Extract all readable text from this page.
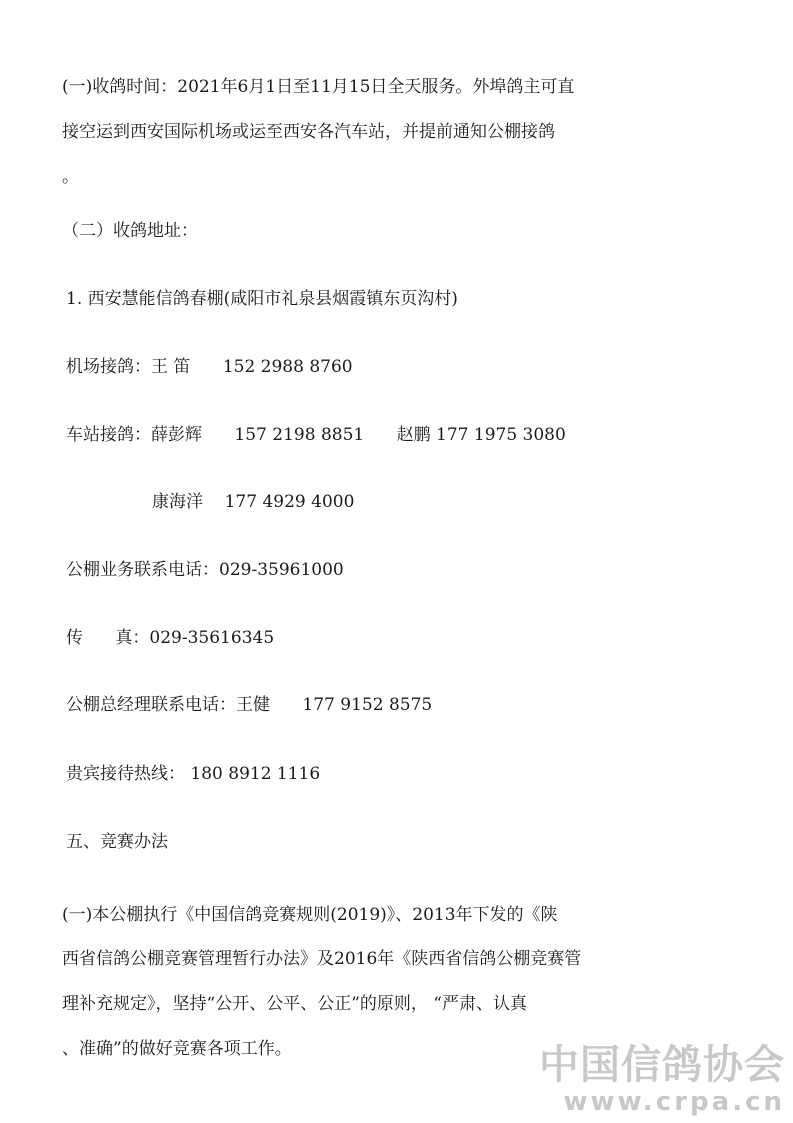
(一)收鸽时间：2021年6月1日至11月15日全天服务。外埠鸽主可直
接空运到西安国际机场或运至西安各汽车站，并提前通知公棚接鸽
。
（二）收鸽地址：
1. 西安慧能信鸽春棚(咸阳市礼泉县烟霞镇东页沟村)
机场接鸽：王 笛      152 2988 8760
车站接鸽：薛彭辉      157 2198 8851      赵鹏 177 1975 3080
康海洋    177 4929 4000
公棚业务联系电话：029-35961000
传      真：029-35616345
公棚总经理联系电话：王健      177 9152 8575
贵宾接待热线： 180 8912 1116
五、竞赛办法
(一)本公棚执行《中国信鸽竞赛规则(2019)》、2013年下发的《陕
西省信鸽公棚竞赛管理暂行办法》及2016年《陕西省信鸽公棚竞赛管
理补充规定》，坚持“公开、公平、公正”的原则， “严肃、认真
、准确”的做好竞赛各项工作。	中国信鸽协会
www.crpa.cn
